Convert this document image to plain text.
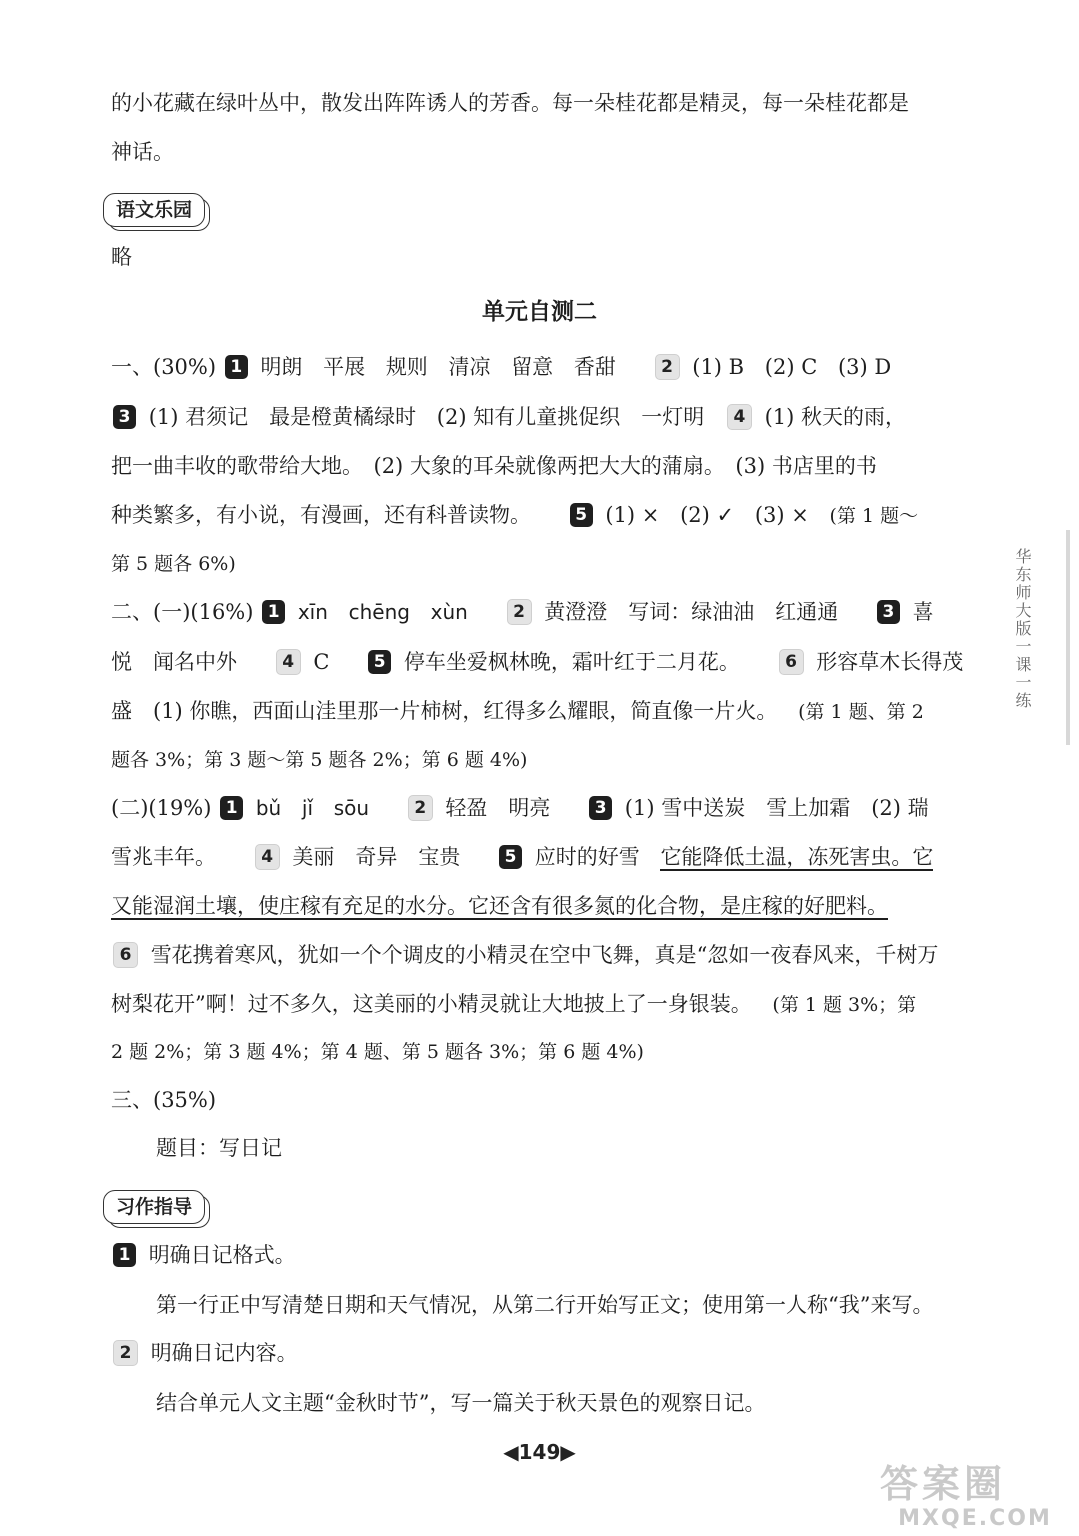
的小花藏在绿叶丛中，散发出阵阵诱人的芳香。每一朵桂花都是精灵，每一朵桂花都是
神话。
语文乐园
略
单元自测二
一、(30%) 1 明朗 平展 规则 清凉 留意 香甜	2 (1) B (2) C (3) D
3 (1) 君须记　最是橙黄橘绿时 (2) 知有儿童挑促织　一灯明 4 (1) 秋天的雨，
把一曲丰收的歌带给大地。　(2) 大象的耳朵就像两把大大的蒲扇。　(3) 书店里的书
种类繁多，有小说，有漫画，还有科普读物。	5 (1) × (2) ✓ (3) × (第 1 题～
第 5 题各 6%)
二、(一)(16%) 1 xīn chēng xùn	2 黄澄澄　写词：绿油油　红通通	3 喜
悦　闻名中外	4 C	5 停车坐爱枫林晚，霜叶红于二月花。	6 形容草木长得茂
盛　(1) 你瞧，西面山洼里那一片柿树，红得多么耀眼，简直像一片火。 (第 1 题、第 2
题各 3%；第 3 题～第 5 题各 2%；第 6 题 4%)
(二)(19%) 1 bǔ jǐ sōu	2 轻盈　明亮	3 (1) 雪中送炭　雪上加霜　(2) 瑞
雪兆丰年。	4 美丽　奇异　宝贵	5 应时的好雪 它能降低土温，冻死害虫。它
又能湿润土壤，使庄稼有充足的水分。它还含有很多氮的化合物，是庄稼的好肥料。
6 雪花携着寒风，犹如一个个调皮的小精灵在空中飞舞，真是“忽如一夜春风来，千树万
树梨花开”啊！过不多久，这美丽的小精灵就让大地披上了一身银装。 (第 1 题 3%；第
2 题 2%；第 3 题 4%；第 4 题、第 5 题各 3%；第 6 题 4%)
三、(35%)
题目：写日记
习作指导
1 明确日记格式。
第一行正中写清楚日期和天气情况，从第二行开始写正文；使用第一人称“我”来写。
2 明确日记内容。
结合单元人文主题“金秋时节”，写一篇关于秋天景色的观察日记。
华东师大版一课一练
◀149▶
答案圈
MXQE.COM
